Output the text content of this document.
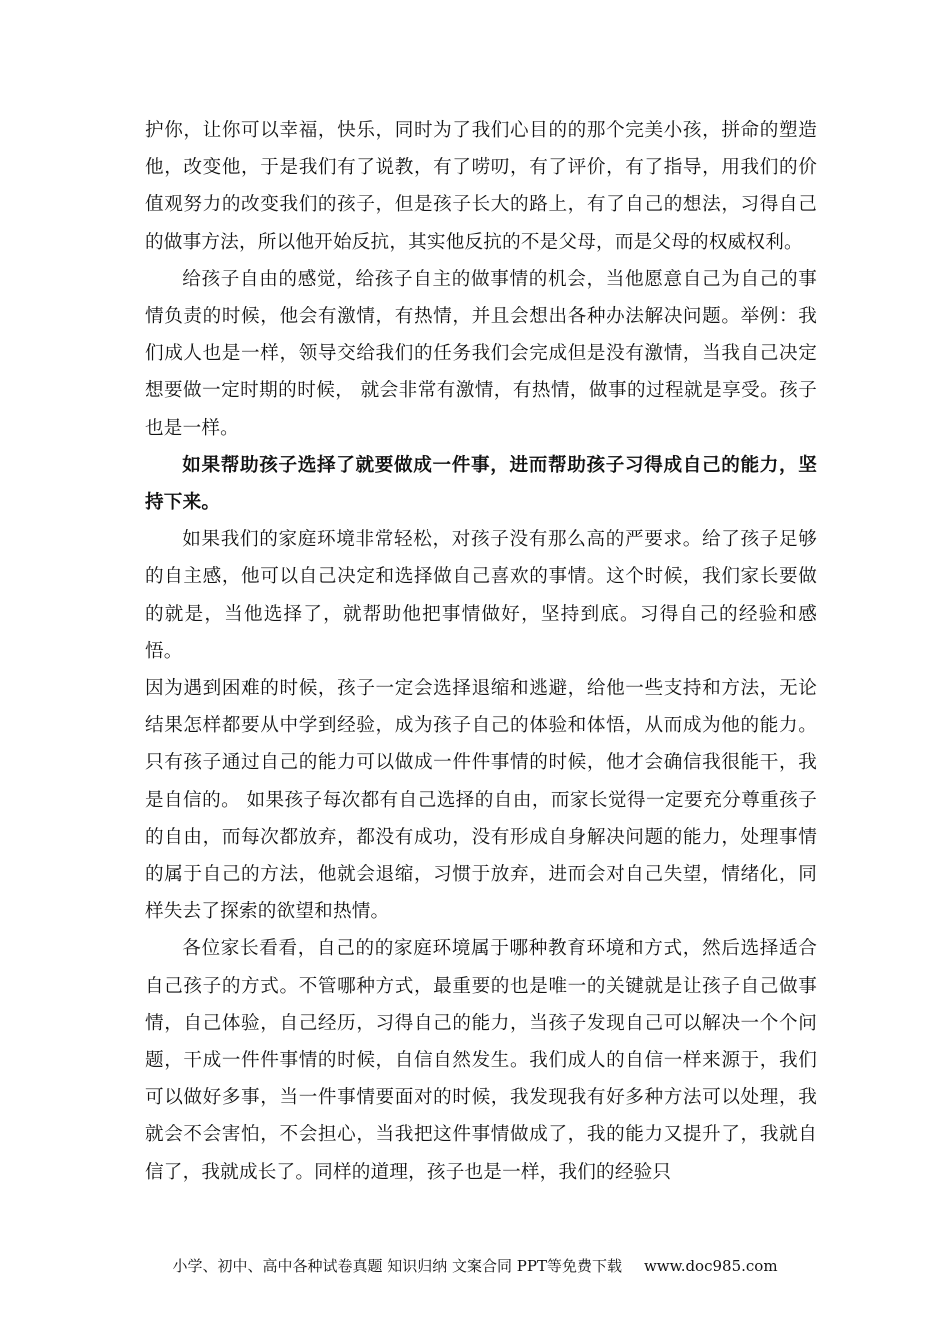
护你，让你可以幸福，快乐，同时为了我们心目的的那个完美小孩，拼命的塑造他，改变他，于是我们有了说教，有了唠叨，有了评价，有了指导，用我们的价值观努力的改变我们的孩子，但是孩子长大的路上，有了自己的想法，习得自己的做事方法，所以他开始反抗，其实他反抗的不是父母，而是父母的权威权利。

给孩子自由的感觉，给孩子自主的做事情的机会，当他愿意自己为自己的事情负责的时候，他会有激情，有热情，并且会想出各种办法解决问题。举例：我们成人也是一样，领导交给我们的任务我们会完成但是没有激情，当我自己决定想要做一定时期的时候， 就会非常有激情，有热情，做事的过程就是享受。孩子也是一样。

如果帮助孩子选择了就要做成一件事，进而帮助孩子习得成自己的能力，坚持下来。

如果我们的家庭环境非常轻松，对孩子没有那么高的严要求。给了孩子足够的自主感，他可以自己决定和选择做自己喜欢的事情。这个时候，我们家长要做的就是，当他选择了，就帮助他把事情做好，坚持到底。习得自己的经验和感悟。

因为遇到困难的时候，孩子一定会选择退缩和逃避，给他一些支持和方法，无论结果怎样都要从中学到经验，成为孩子自己的体验和体悟，从而成为他的能力。只有孩子通过自己的能力可以做成一件件事情的时候，他才会确信我很能干，我是自信的。 如果孩子每次都有自己选择的自由，而家长觉得一定要充分尊重孩子的自由，而每次都放弃，都没有成功，没有形成自身解决问题的能力，处理事情的属于自己的方法，他就会退缩，习惯于放弃，进而会对自己失望，情绪化，同样失去了探索的欲望和热情。

各位家长看看，自己的的家庭环境属于哪种教育环境和方式，然后选择适合自己孩子的方式。不管哪种方式，最重要的也是唯一的关键就是让孩子自己做事情，自己体验，自己经历，习得自己的能力，当孩子发现自己可以解决一个个问题，干成一件件事情的时候，自信自然发生。我们成人的自信一样来源于，我们可以做好多事，当一件事情要面对的时候，我发现我有好多种方法可以处理，我就会不会害怕，不会担心，当我把这件事情做成了，我的能力又提升了，我就自信了，我就成长了。同样的道理，孩子也是一样，我们的经验只

小学、初中、高中各种试卷真题 知识归纳 文案合同 PPT等免费下载 www.doc985.com
